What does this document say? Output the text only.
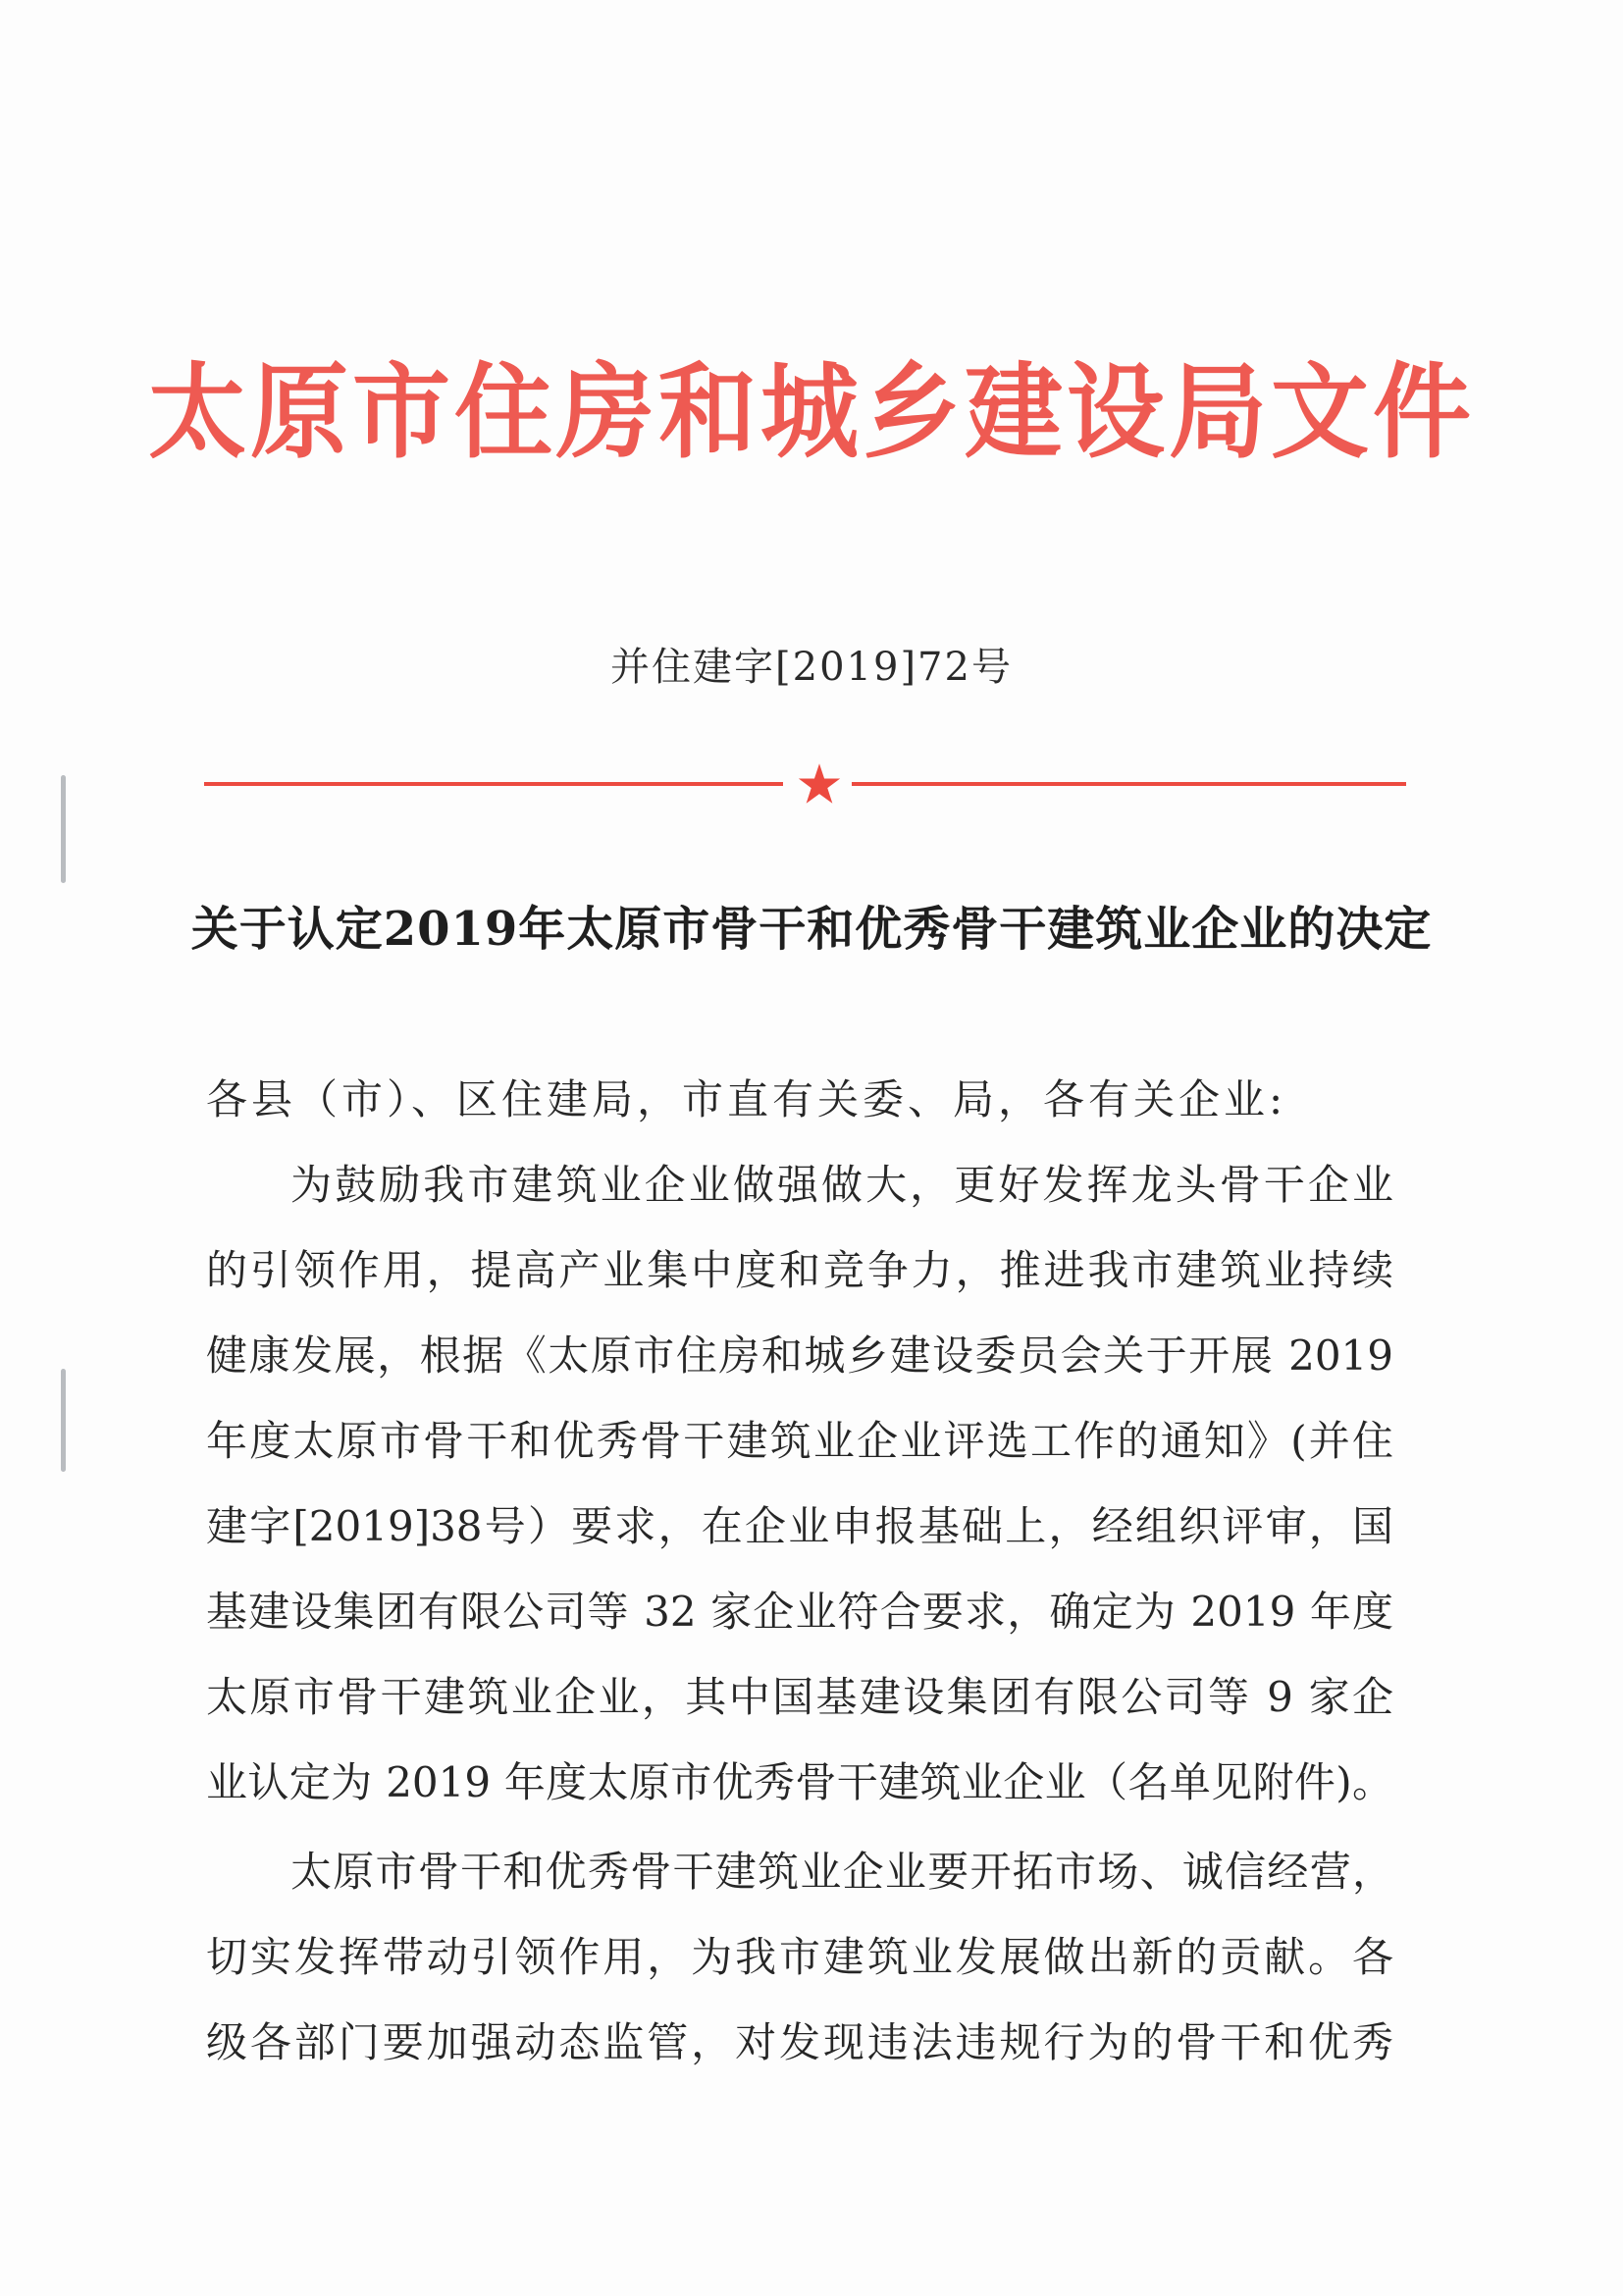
太原市住房和城乡建设局文件
并住建字[2019]72号
关于认定2019年太原市骨干和优秀骨干建筑业企业的决定
各县（市）、区住建局，市直有关委、局，各有关企业:
为鼓励我市建筑业企业做强做大，更好发挥龙头骨干企业
的引领作用，提高产业集中度和竞争力，推进我市建筑业持续
健康发展，根据《太原市住房和城乡建设委员会关于开展 2019
年度太原市骨干和优秀骨干建筑业企业评选工作的通知》(并住
建字[2019]38号）要求，在企业申报基础上，经组织评审，国
基建设集团有限公司等 32 家企业符合要求，确定为 2019 年度
太原市骨干建筑业企业，其中国基建设集团有限公司等 9 家企
业认定为 2019 年度太原市优秀骨干建筑业企业（名单见附件)。
太原市骨干和优秀骨干建筑业企业要开拓市场、诚信经营，
切实发挥带动引领作用，为我市建筑业发展做出新的贡献。各
级各部门要加强动态监管，对发现违法违规行为的骨干和优秀
